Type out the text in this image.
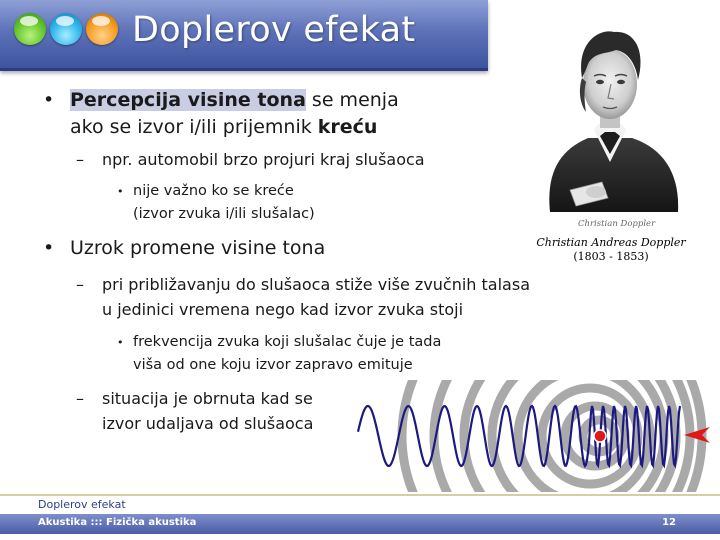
Doplerov efekat
Christian Doppler
Christian Andreas Doppler
(1803 - 1853)
• Percepcija visine tona se menja
ako se izvor i/ili prijemnik kreću
– npr. automobil brzo projuri kraj slušaoca
• nije važno ko se kreće
(izvor zvuka i/ili slušalac)
• Uzrok promene visine tona
– pri približavanju do slušaoca stiže više zvučnih talasa
u jedinici vremena nego kad izvor zvuka stoji
• frekvencija zvuka koji slušalac čuje je tada
viša od one koju izvor zapravo emituje
– situacija je obrnuta kad se
izvor udaljava od slušaoca
Doplerov efekat
Akustika ::: Fizička akustika	12
